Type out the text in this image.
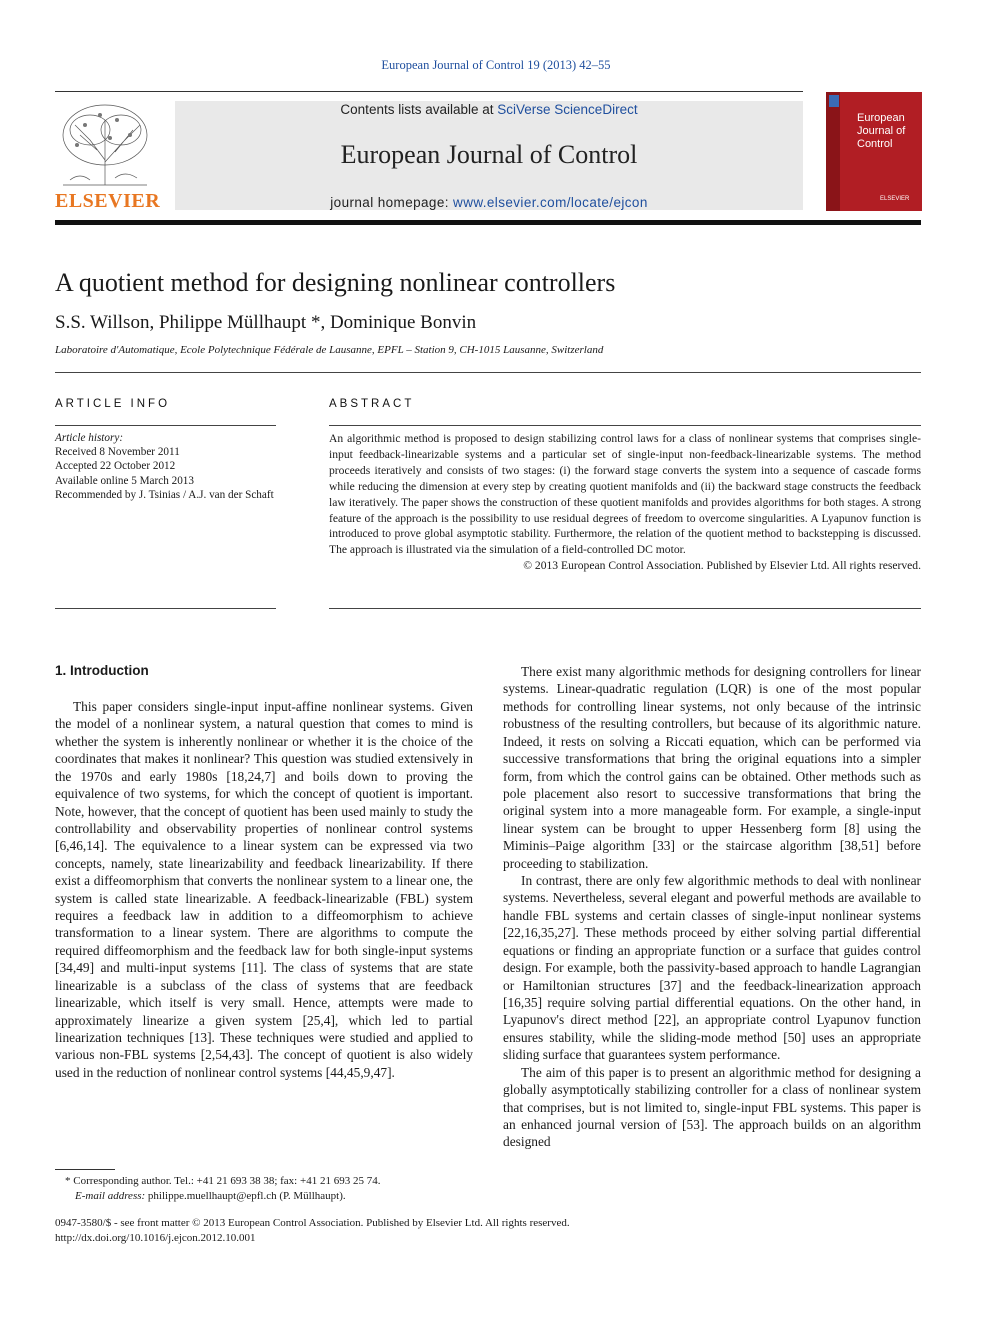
European Journal of Control 19 (2013) 42–55
ELSEVIER
Contents lists available at SciVerse ScienceDirect
European Journal of Control
journal homepage: www.elsevier.com/locate/ejcon
European Journal of Control
ELSEVIER
A quotient method for designing nonlinear controllers
S.S. Willson, Philippe Müllhaupt *, Dominique Bonvin
Laboratoire d'Automatique, Ecole Polytechnique Fédérale de Lausanne, EPFL – Station 9, CH-1015 Lausanne, Switzerland
ARTICLE INFO
Article history:
Received 8 November 2011
Accepted 22 October 2012
Available online 5 March 2013
Recommended by J. Tsinias / A.J. van der Schaft
ABSTRACT
An algorithmic method is proposed to design stabilizing control laws for a class of nonlinear systems that comprises single-input feedback-linearizable systems and a particular set of single-input non-feedback-linearizable systems. The method proceeds iteratively and consists of two stages: (i) the forward stage converts the system into a sequence of cascade forms while reducing the dimension at every step by creating quotient manifolds and (ii) the backward stage constructs the feedback law iteratively. The paper shows the construction of these quotient manifolds and provides algorithms for both stages. A strong feature of the approach is the possibility to use residual degrees of freedom to overcome singularities. A Lyapunov function is introduced to prove global asymptotic stability. Furthermore, the relation of the quotient method to backstepping is discussed. The approach is illustrated via the simulation of a field-controlled DC motor.
© 2013 European Control Association. Published by Elsevier Ltd. All rights reserved.
1. Introduction

This paper considers single-input input-affine nonlinear systems. Given the model of a nonlinear system, a natural question that comes to mind is whether the system is inherently nonlinear or whether it is the choice of the coordinates that makes it nonlinear? This question was studied extensively in the 1970s and early 1980s [18,24,7] and boils down to proving the equivalence of two systems, for which the concept of quotient is important. Note, however, that the concept of quotient has been used mainly to study the controllability and observability properties of nonlinear control systems [6,46,14]. The equivalence to a linear system can be expressed via two concepts, namely, state linearizability and feedback linearizability. If there exist a diffeomorphism that converts the nonlinear system to a linear one, the system is called state linearizable. A feedback-linearizable (FBL) system requires a feedback law in addition to a diffeomorphism to achieve transformation to a linear system. There are algorithms to compute the required diffeomorphism and the feedback law for both single-input systems [34,49] and multi-input systems [11]. The class of systems that are state linearizable is a subclass of the class of systems that are feedback linearizable, which itself is very small. Hence, attempts were made to approximately linearize a given system [25,4], which led to partial linearization techniques [13]. These techniques were studied and applied to various non-FBL systems [2,54,43]. The concept of quotient is also widely used in the reduction of nonlinear control systems [44,45,9,47].

There exist many algorithmic methods for designing controllers for linear systems. Linear-quadratic regulation (LQR) is one of the most popular methods for controlling linear systems, not only because of the intrinsic robustness of the resulting controllers, but because of its algorithmic nature. Indeed, it rests on solving a Riccati equation, which can be performed via successive transformations that bring the original equations into a simpler form, from which the control gains can be obtained. Other methods such as pole placement also resort to successive transformations that bring the original system into a more manageable form. For example, a single-input linear system can be brought to upper Hessenberg form [8] using the Miminis–Paige algorithm [33] or the staircase algorithm [38,51] before proceeding to stabilization.

In contrast, there are only few algorithmic methods to deal with nonlinear systems. Nevertheless, several elegant and powerful methods are available to handle FBL systems and certain classes of single-input nonlinear systems [22,16,35,27]. These methods proceed by either solving partial differential equations or finding an appropriate function or a surface that guides control design. For example, both the passivity-based approach to handle Lagrangian or Hamiltonian structures [37] and the feedback-linearization approach [16,35] require solving partial differential equations. On the other hand, in Lyapunov's direct method [22], an appropriate control Lyapunov function ensures stability, while the sliding-mode method [50] uses an appropriate sliding surface that guarantees system performance.

The aim of this paper is to present an algorithmic method for designing a globally asymptotically stabilizing controller for a class of nonlinear system that comprises, but is not limited to, single-input FBL systems. This paper is an enhanced journal version of [53]. The approach builds on an algorithm designed

* Corresponding author. Tel.: +41 21 693 38 38; fax: +41 21 693 25 74.
E-mail address: philippe.muellhaupt@epfl.ch (P. Müllhaupt).
0947-3580/$ - see front matter © 2013 European Control Association. Published by Elsevier Ltd. All rights reserved.
http://dx.doi.org/10.1016/j.ejcon.2012.10.001
